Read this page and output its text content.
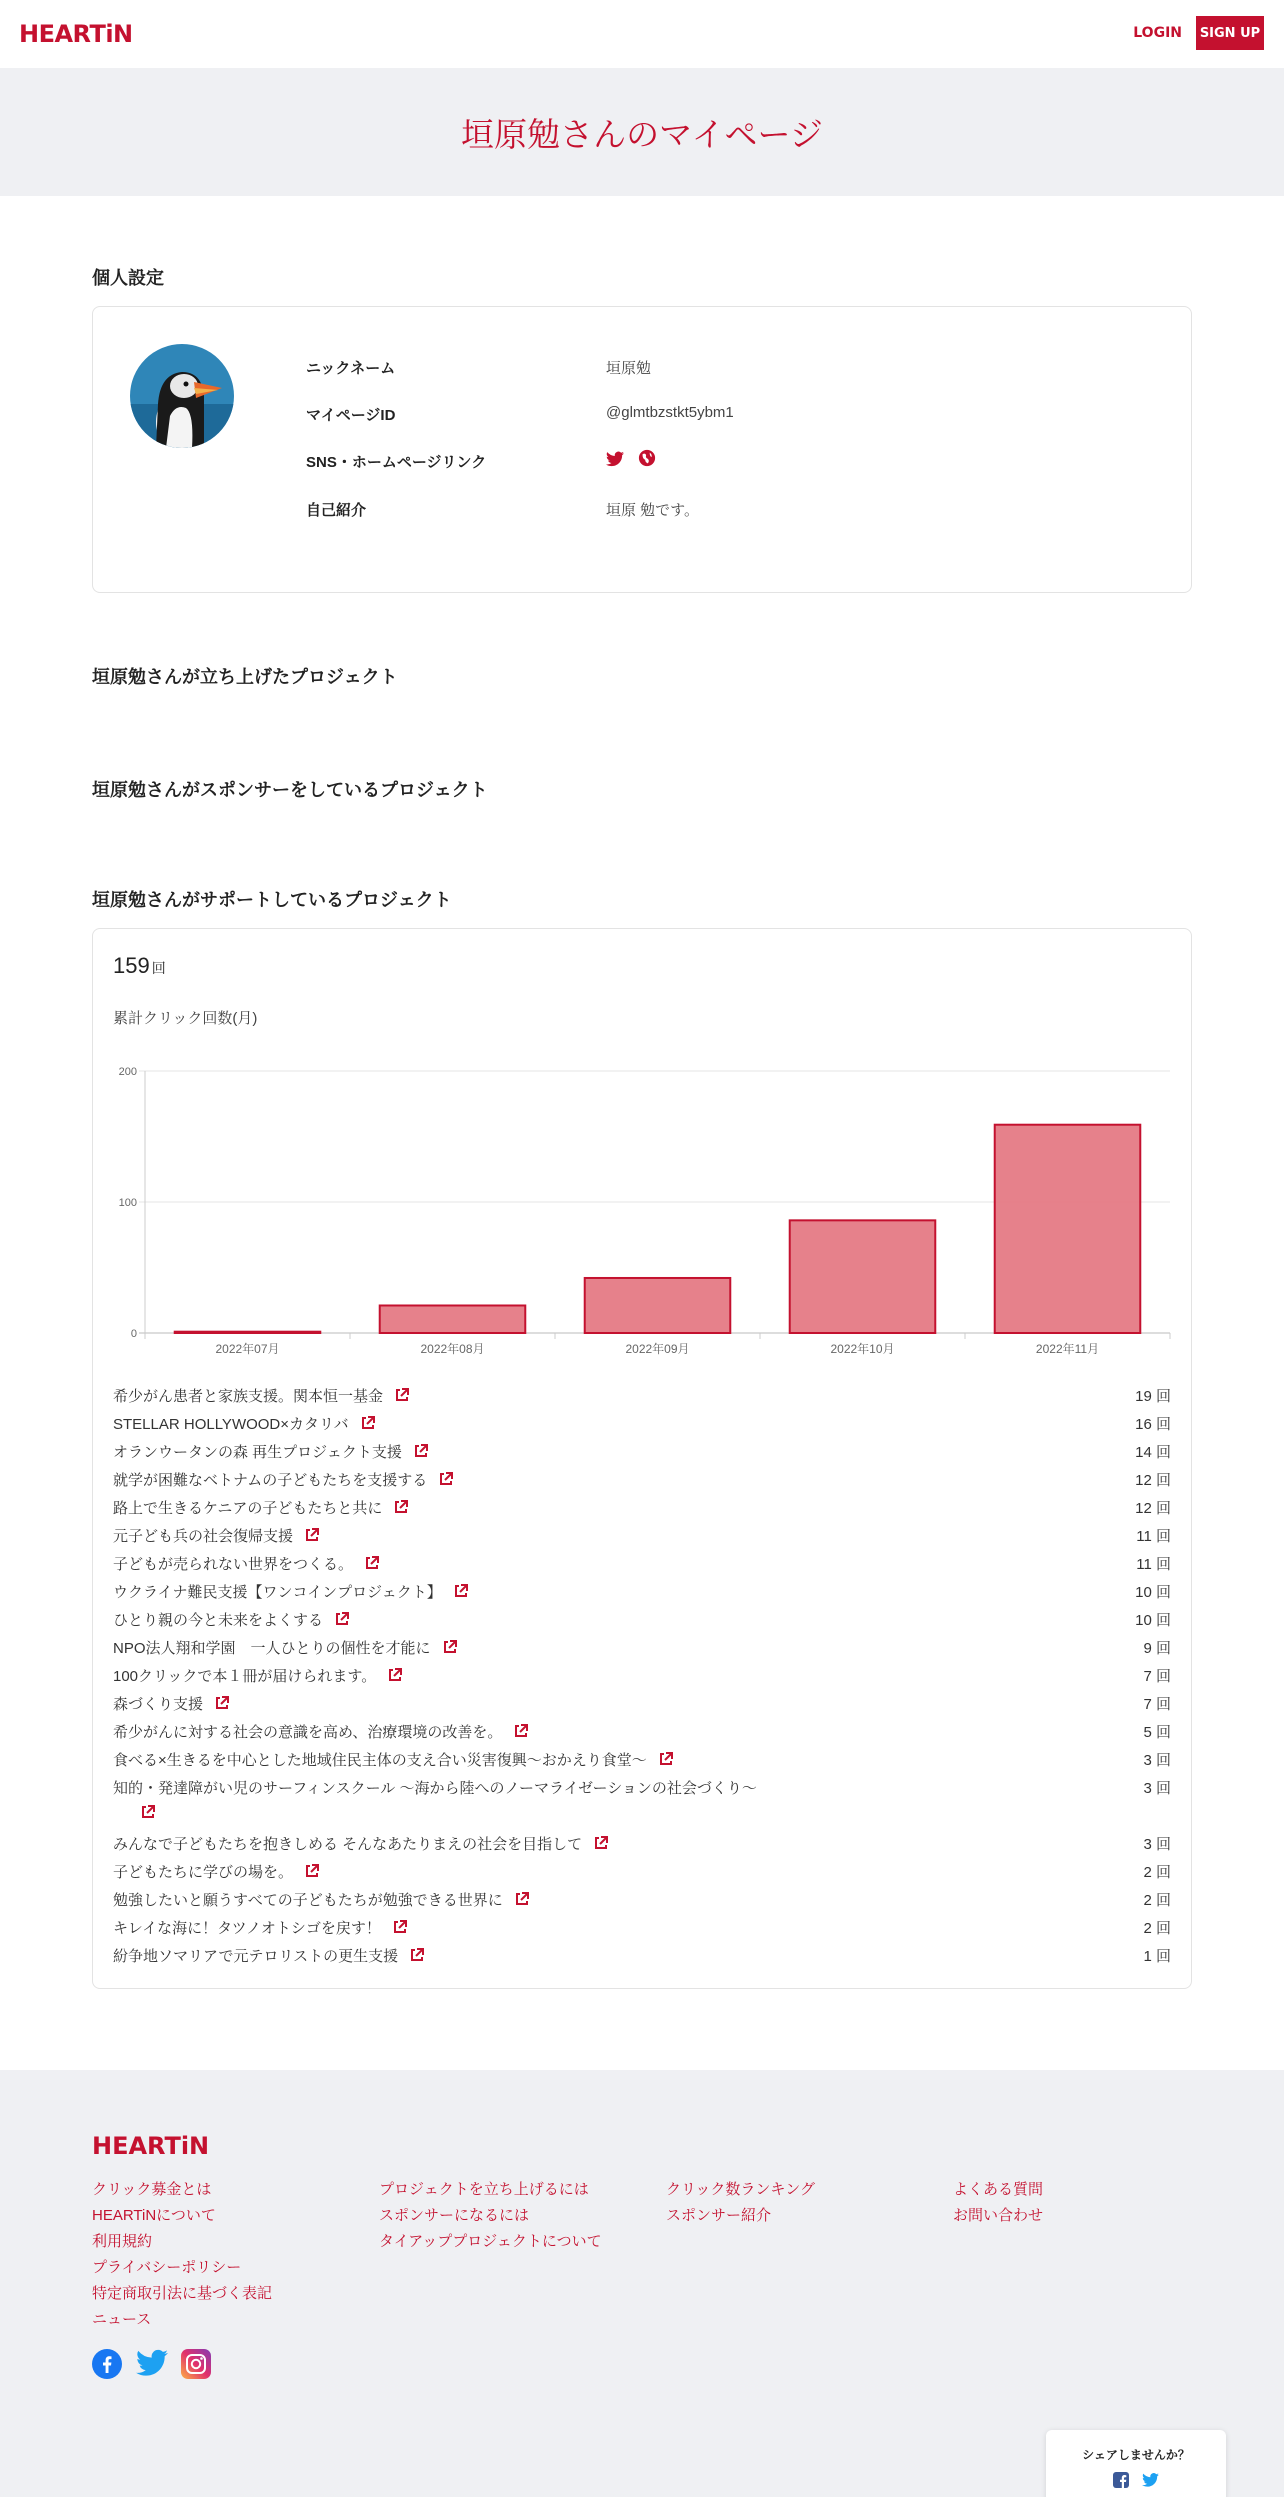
HEARTiN	LOGIN SIGN UP
垣原勉さんのマイページ
個人設定
ニックネーム	垣原勉
マイページID	@glmtbzstkt5ybm1
SNS・ホームページリンク

自己紹介	垣原 勉です。
垣原勉さんが立ち上げたプロジェクト
垣原勉さんがスポンサーをしているプロジェクト
垣原勉さんがサポートしているプロジェクト
159 回
累計クリック回数(月)
0
100
200
2022年07月	2022年08月	2022年09月	2022年10月	2022年11月
希少がん患者と家族支援。関本恒一基金	19 回
STELLAR HOLLYWOOD×カタリバ	16 回
オランウータンの森 再生プロジェクト支援	14 回
就学が困難なベトナムの子どもたちを支援する	12 回
路上で生きるケニアの子どもたちと共に	12 回
元子ども兵の社会復帰支援	11 回
子どもが売られない世界をつくる。	11 回
ウクライナ難民支援【ワンコインプロジェクト】	10 回
ひとり親の今と未来をよくする	10 回
NPO法人翔和学園　一人ひとりの個性を才能に	9 回
100クリックで本１冊が届けられます。	7 回
森づくり支援	7 回
希少がんに対する社会の意識を高め、治療環境の改善を。	5 回
食べる×生きるを中心とした地域住民主体の支え合い災害復興～おかえり食堂～	3 回
知的・発達障がい児のサーフィンスクール ～海から陸へのノーマライゼーションの社会づくり～	3 回
みんなで子どもたちを抱きしめる そんなあたりまえの社会を目指して	3 回
子どもたちに学びの場を。	2 回
勉強したいと願うすべての子どもたちが勉強できる世界に	2 回
キレイな海に！タツノオトシゴを戻す！	2 回
紛争地ソマリアで元テロリストの更生支援	1 回
HEARTiN
クリック募金とは
HEARTiNについて
利用規約
プライバシーポリシー
特定商取引法に基づく表記
ニュース
プロジェクトを立ち上げるには
スポンサーになるには
タイアッププロジェクトについて
クリック数ランキング
スポンサー紹介
よくある質問
お問い合わせ
シェアしませんか？
